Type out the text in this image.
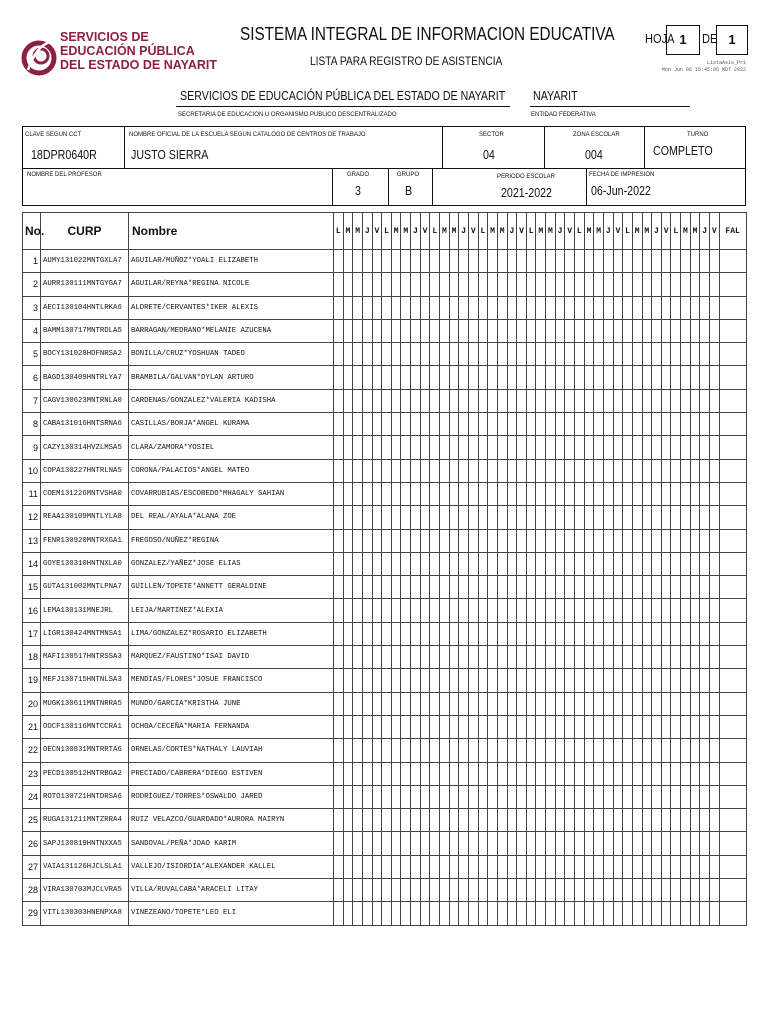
SERVICIOS DE
EDUCACIÓN PÚBLICA
DEL ESTADO DE NAYARIT
SISTEMA INTEGRAL DE INFORMACION EDUCATIVA
LISTA PARA REGISTRO DE ASISTENCIA
HOJA 1	DE 1
ListaAsis_Pri
Mon Jun 06 15:45:05 MDT 2022
SERVICIOS DE EDUCACIÓN PÚBLICA DEL ESTADO DE NAYARIT
SECRETARIA DE EDUCACION U ORGANISMO PUBLICO DESCENTRALIZADO
NAYARIT
ENTIDAD FEDERATIVA
CLAVE SEGUN CCT
18DPR0640R
NOMBRE OFICIAL DE LA ESCUELA SEGUN CATALOGO DE CENTROS DE TRABAJO
JUSTO SIERRA
SECTOR
04
ZONA ESCOLAR
004
TURNO
COMPLETO
NOMBRE DEL PROFESOR	GRADO
3
GRUPO
B
PERIODO ESCOLAR
2021-2022
FECHA DE IMPRESION
06-Jun-2022
No.	CURP	Nombre	L	M	M	J	V	L	M	M	J	V	L	M	M	J	V	L	M	M	J	V	L	M	M	J	V	L	M	M	J	V	L	M	M	J	V	L	M	M	J	V	FAL
1	AUMY131022MNTGXLA7	AGUILAR/MUÑOZ*YOALI ELIZABETH																																									
2	AURR130111MNTGYGA7	AGUILAR/REYNA*REGINA NICOLE																																									
3	AECI130104HNTLRKA6	ALDRETE/CERVANTES*IKER ALEXIS																																									
4	BAMM130717MNTRDLA5	BARRAGAN/MEDRANO*MELANIE AZUCENA																																									
5	BOCY131028HDFNRSA2	BONILLA/CRUZ*YOSHUAN TADEO																																									
6	BAGD130409HNTRLYA7	BRAMBILA/GALVAN*DYLAN ARTURO																																									
7	CAGV130623MNTRNLA0	CARDENAS/GONZALEZ*VALERIA KADISHA																																									
8	CABA131016HNTSRNA6	CASILLAS/BORJA*ANGEL KURAMA																																									
9	CAZY130314HVZLMSA5	CLARA/ZAMORA*YOSIEL																																									
10	COPA130227HNTRLNA5	CORONA/PALACIOS*ANGEL MATEO																																									
11	COEM131226MNTVSHA0	COVARRUBIAS/ESCOBEDO*MHAGALY SAHIAN																																									
12	REAA130109MNTLYLA8	DEL REAL/AYALA*ALANA ZOE																																									
13	FENR130920MNTRXGA1	FREGOSO/NUÑEZ*REGINA																																									
14	GOYE130310HNTNXLA0	GONZALEZ/YAÑEZ*JOSE ELIAS																																									
15	GUTA131002MNTLPNA7	GUILLEN/TOPETE*ANNETT GERALDINE																																									
16	LEMA130131MNEJRL	LEIJA/MARTINEZ*ALEXIA																																									
17	LIGR130424MNTMNSA1	LIMA/GONZALEZ*ROSARIO ELIZABETH																																									
18	MAFI130517HNTRSSA3	MARQUEZ/FAUSTINO*ISAI DAVID																																									
19	MEFJ130715HNTNLSA3	MENDIAS/FLORES*JOSUE FRANCISCO																																									
20	MUGK130611MNTNRRA5	MUNDO/GARCIA*KRISTHA JUNE																																									
21	OOCF130116MNTCCRA1	OCHOA/CECEÑA*MARIA FERNANDA																																									
22	OECN130831MNTRRTA6	ORNELAS/CORTES*NATHALY LAUVIAH																																									
23	PECD130512HNTRBGA2	PRECIADO/CABRERA*DIEGO ESTIVEN																																									
24	ROTO130721HNTDRSA6	RODRIGUEZ/TORRES*OSWALDO JARED																																									
25	RUGA131211MNTZRRA4	RUIZ VELAZCO/GUARDADO*AURORA MAIRYN																																									
26	SAPJ130819HNTNXXA5	SANDOVAL/PEÑA*JOAO KARIM																																									
27	VAIA131126HJCLSLA1	VALLEJO/ISIORDIA*ALEXANDER KALLEL																																									
28	VIRA130703MJCLVRA5	VILLA/RUVALCABA*ARACELI LITAY																																									
29	VITL130303HNENPXA8	VINEZEANO/TOPETE*LEO ELI																																									
